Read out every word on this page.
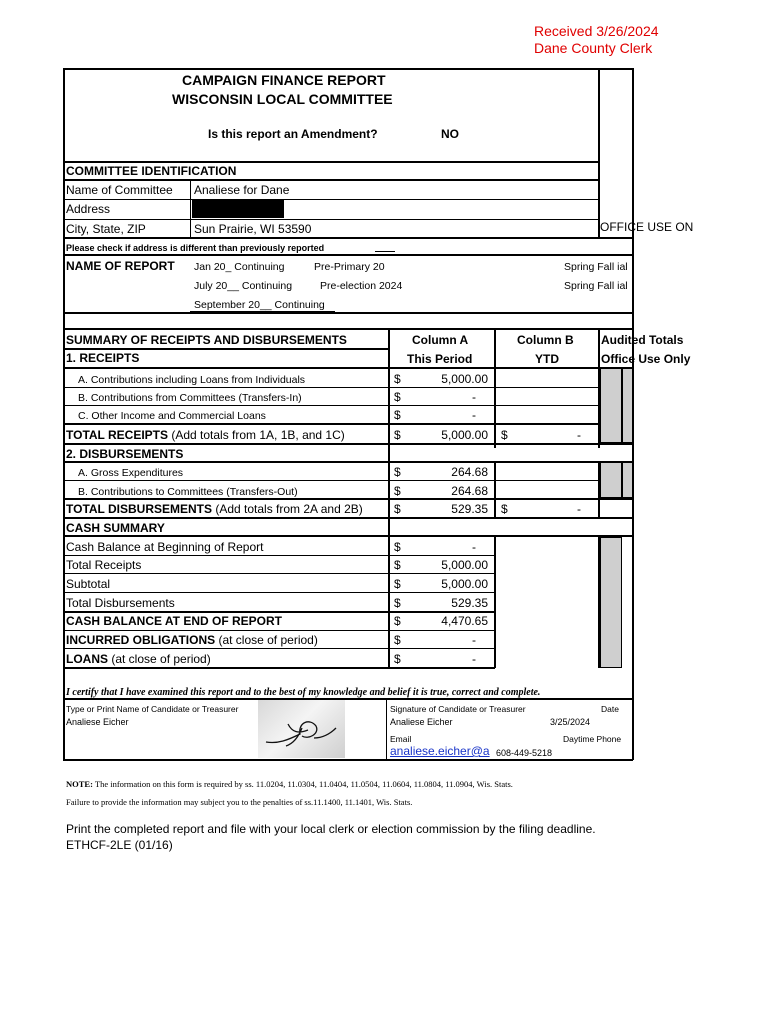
Received 3/26/2024
Dane County Clerk
CAMPAIGN FINANCE REPORT
WISCONSIN LOCAL COMMITTEE
Is this report an Amendment?	NO
COMMITTEE IDENTIFICATION
Name of Committee Analiese for Dane
Address
City, State, ZIP	Sun Prairie, WI 53590	OFFICE USE ON
Please check if address is different than previously reported
NAME OF REPORT Jan 20_ Continuing	Pre-Primary 20	Spring Fall ial
July 20__ Continuing	Pre-election 2024	Spring Fall ial
September 20__ Continuing
SUMMARY OF RECEIPTS AND DISBURSEMENTS	Column A	Column B Audited Totals
1. RECEIPTS	This Period	YTD	Office Use Only
A. Contributions including Loans from Individuals	$	5,000.00
B. Contributions from Committees (Transfers-In)	$	-
C. Other Income and Commercial Loans	$	-
TOTAL RECEIPTS (Add totals from 1A, 1B, and 1C)	$	5,000.00 $	-
2. DISBURSEMENTS
A. Gross Expenditures	$	264.68
B. Contributions to Committees (Transfers-Out)	$	264.68
TOTAL DISBURSEMENTS (Add totals from 2A and 2B)	$	529.35 $	-
CASH SUMMARY
Cash Balance at Beginning of Report	$	-
Total Receipts	$	5,000.00
Subtotal	$	5,000.00
Total Disbursements	$	529.35
CASH BALANCE AT END OF REPORT	$	4,470.65
INCURRED OBLIGATIONS (at close of period)	$	-
LOANS (at close of period)	$	-
I certify that I have examined this report and to the best of my knowledge and belief it is true, correct and complete.
Type or Print Name of Candidate or Treasurer
Analiese Eicher
Signature of Candidate or Treasurer	Date
Analiese Eicher	3/25/2024
Email	Daytime Phone
analiese.eicher@a 608-449-5218
NOTE: The information on this form is required by ss. 11.0204, 11.0304, 11.0404, 11.0504, 11.0604, 11.0804, 11.0904, Wis. Stats.
Failure to provide the information may subject you to the penalties of ss.11.1400, 11.1401, Wis. Stats.
Print the completed report and file with your local clerk or election commission by the filing deadline.
ETHCF-2LE (01/16)
